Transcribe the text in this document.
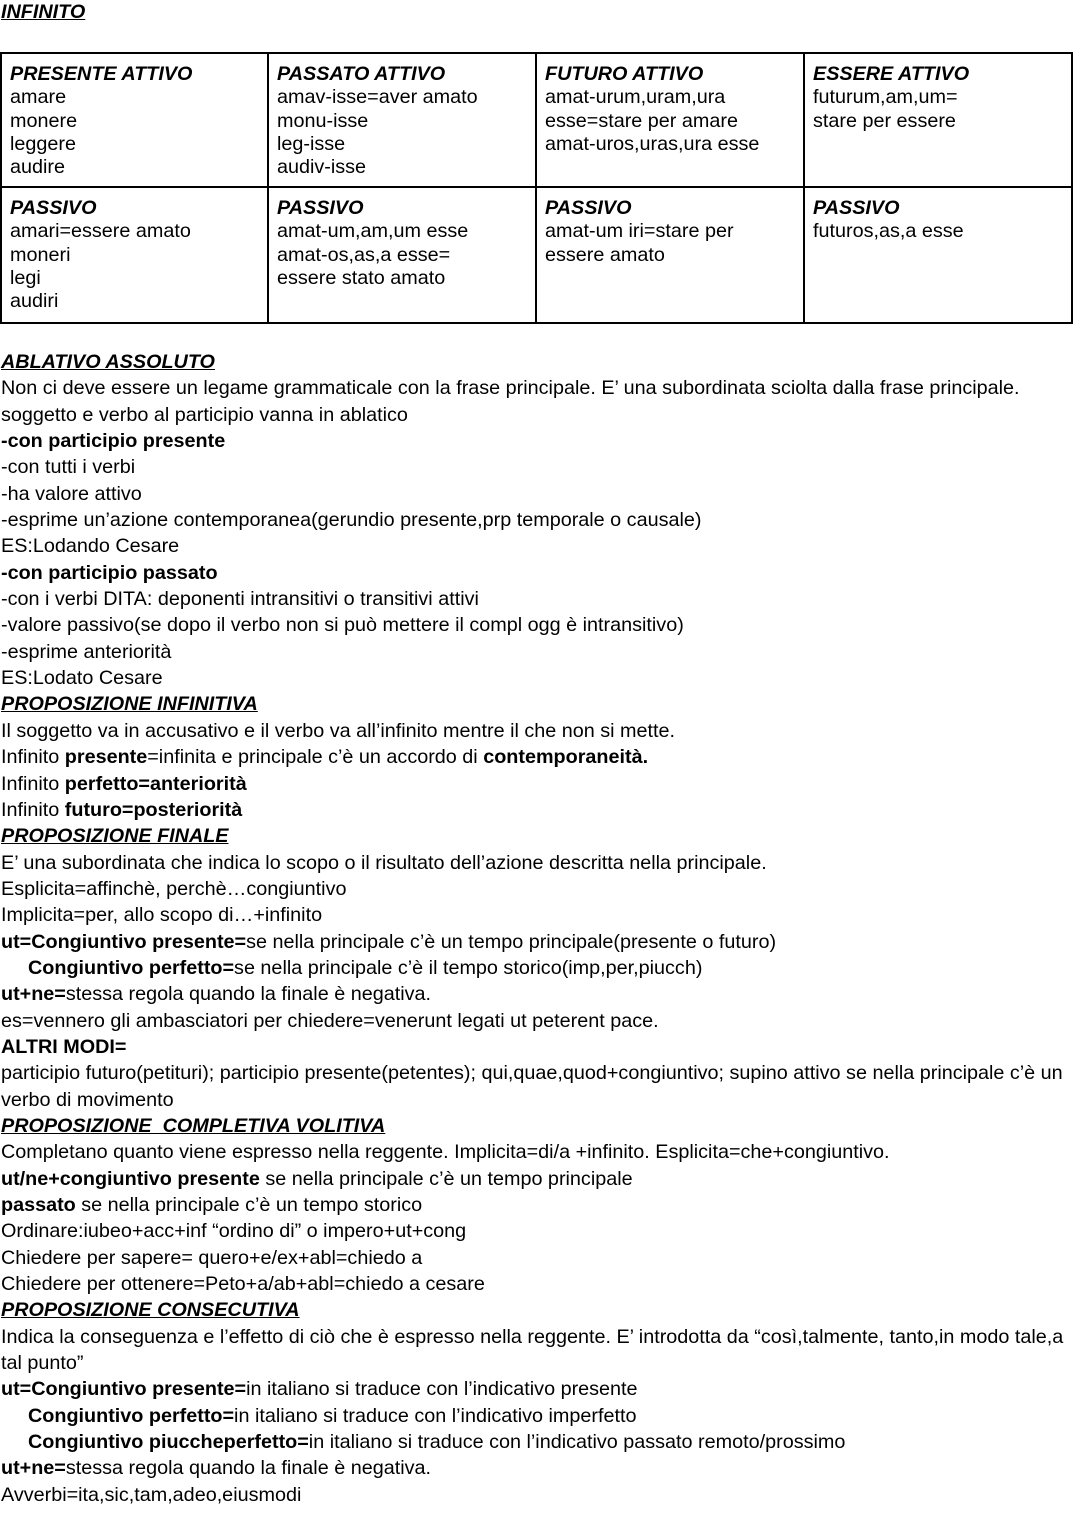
INFINITO
PRESENTE ATTIVO
amare
monere
leggere
audire
PASSATO ATTIVO
amav-isse=aver amato
monu-isse
leg-isse
audiv-isse
FUTURO ATTIVO
amat-urum,uram,ura
esse=stare per amare
amat-uros,uras,ura esse
ESSERE ATTIVO
futurum,am,um=
stare per essere
PASSIVO
amari=essere amato
moneri
legi
audiri
PASSIVO
amat-um,am,um esse
amat-os,as,a esse=
essere stato amato
PASSIVO
amat-um iri=stare per
essere amato
PASSIVO
futuros,as,a esse
ABLATIVO ASSOLUTO
Non ci deve essere un legame grammaticale con la frase principale. E’ una subordinata sciolta dalla frase principale.
soggetto e verbo al participio vanna in ablatico
-con participio presente
-con tutti i verbi
-ha valore attivo
-esprime un’azione contemporanea(gerundio presente,prp temporale o causale)
ES:Lodando Cesare
-con participio passato
-con i verbi DITA: deponenti intransitivi o transitivi attivi
-valore passivo(se dopo il verbo non si può mettere il compl ogg è intransitivo)
-esprime anteriorità
ES:Lodato Cesare
PROPOSIZIONE INFINITIVA
Il soggetto va in accusativo e il verbo va all’infinito mentre il che non si mette.
Infinito presente=infinita e principale c’è un accordo di contemporaneità.
Infinito perfetto=anteriorità
Infinito futuro=posteriorità
PROPOSIZIONE FINALE
E’ una subordinata che indica lo scopo o il risultato dell’azione descritta nella principale.
Esplicita=affinchè, perchè…congiuntivo
Implicita=per, allo scopo di…+infinito
ut=Congiuntivo presente=se nella principale c’è un tempo principale(presente o futuro)
Congiuntivo perfetto=se nella principale c’è il tempo storico(imp,per,piucch)
ut+ne=stessa regola quando la finale è negativa.
es=vennero gli ambasciatori per chiedere=venerunt legati ut peterent pace.
ALTRI MODI=
participio futuro(petituri); participio presente(petentes); qui,quae,quod+congiuntivo; supino attivo se nella principale c’è un verbo di movimento
PROPOSIZIONE  COMPLETIVA VOLITIVA
Completano quanto viene espresso nella reggente. Implicita=di/a +infinito. Esplicita=che+congiuntivo.
ut/ne+congiuntivo presente se nella principale c’è un tempo principale
passato se nella principale c’è un tempo storico
Ordinare:iubeo+acc+inf “ordino di” o impero+ut+cong
Chiedere per sapere= quero+e/ex+abl=chiedo a
Chiedere per ottenere=Peto+a/ab+abl=chiedo a cesare
PROPOSIZIONE CONSECUTIVA
Indica la conseguenza e l’effetto di ciò che è espresso nella reggente. E’ introdotta da “così,talmente, tanto,in modo tale,a tal punto”
ut=Congiuntivo presente=in italiano si traduce con l’indicativo presente
Congiuntivo perfetto=in italiano si traduce con l’indicativo imperfetto
Congiuntivo piuccheperfetto=in italiano si traduce con l’indicativo passato remoto/prossimo
ut+ne=stessa regola quando la finale è negativa.
Avverbi=ita,sic,tam,adeo,eiusmodi
